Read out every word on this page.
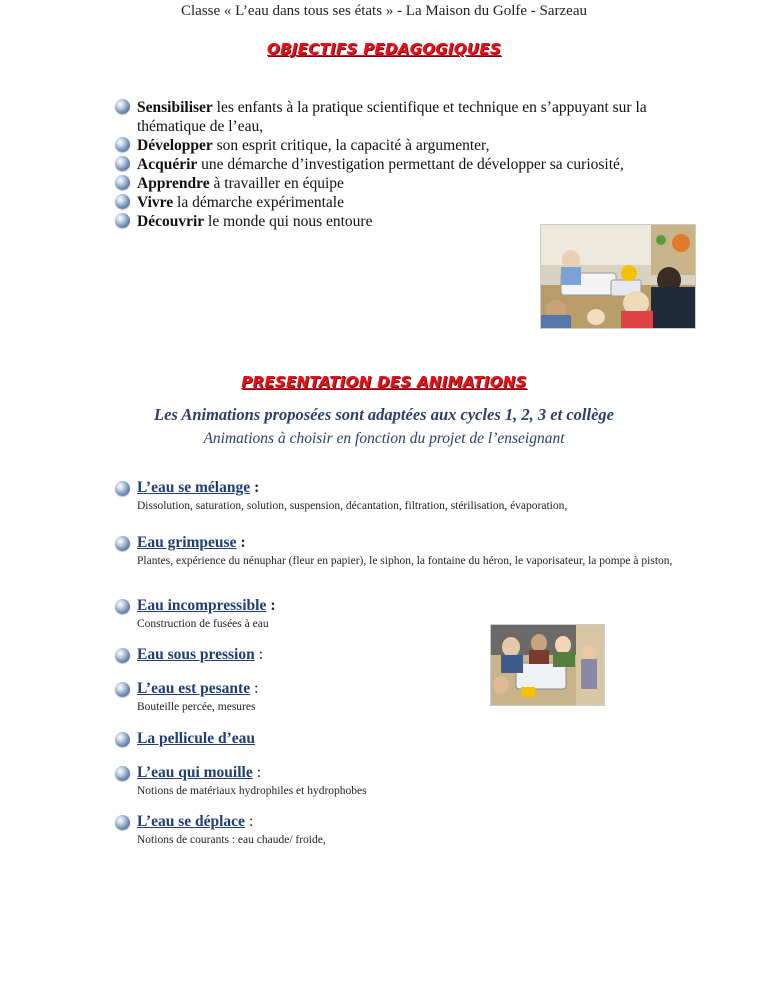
Classe « L’eau dans tous ses états » - La Maison du Golfe - Sarzeau
OBJECTIFS PEDAGOGIQUES
Sensibiliser les enfants à la pratique scientifique et technique en s’appuyant sur la thématique de l’eau,
Développer son esprit critique, la capacité à argumenter,
Acquérir une démarche d’investigation permettant de développer sa curiosité,
Apprendre à travailler en équipe
Vivre la démarche expérimentale
Découvrir le monde qui nous entoure
PRESENTATION DES ANIMATIONS
Les Animations proposées sont adaptées aux cycles 1, 2, 3 et collège
Animations à choisir en fonction du projet de l’enseignant
L’eau se mélange :
Dissolution, saturation, solution, suspension, décantation, filtration, stérilisation, évaporation,
Eau grimpeuse :
Plantes, expérience du nénuphar (fleur en papier), le siphon, la fontaine du héron, le vaporisateur, la pompe à piston,
Eau incompressible :
Construction de fusées à eau
Eau sous pression :
L’eau est pesante :
Bouteille percée, mesures
La pellicule d’eau
L’eau qui mouille :
Notions de matériaux hydrophiles et hydrophobes
L’eau se déplace :
Notions de courants : eau chaude/ froide,
